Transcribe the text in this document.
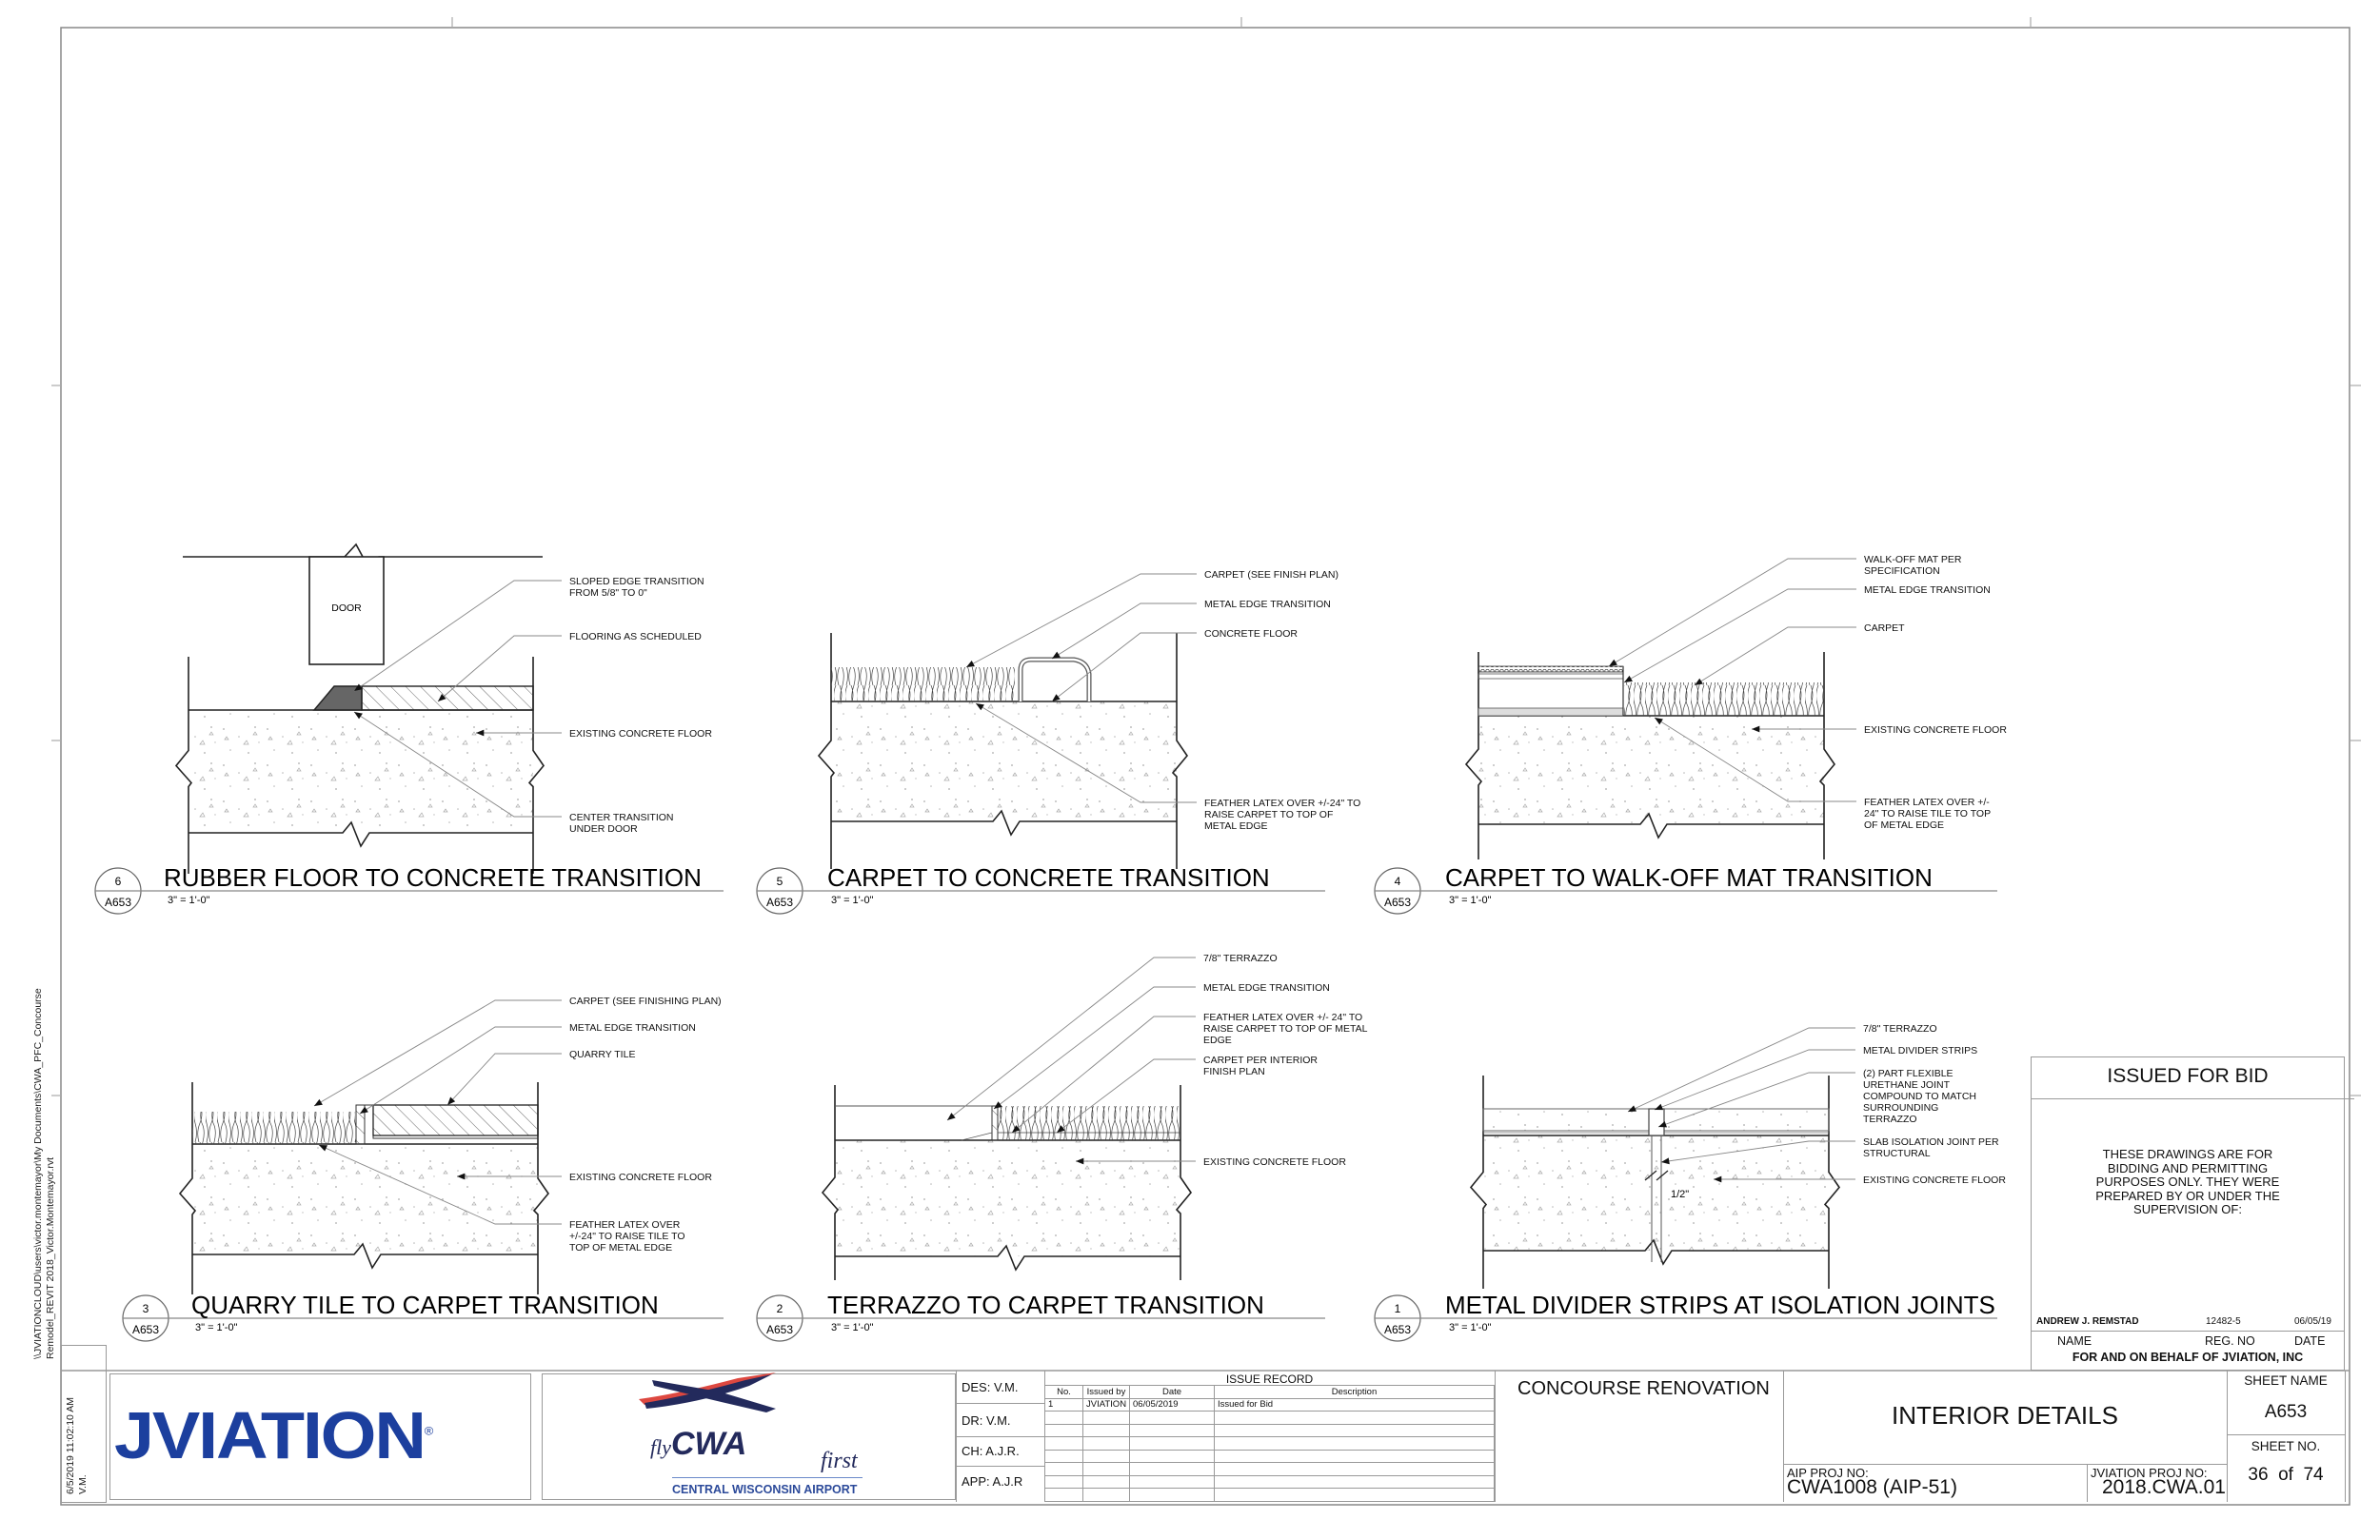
DOOR
SLOPED EDGE TRANSITION
FROM 5/8" TO 0"
FLOORING AS SCHEDULED
EXISTING CONCRETE FLOOR
CENTER TRANSITION
UNDER DOOR
6
A653
RUBBER FLOOR TO CONCRETE TRANSITION
3" = 1'-0"
CARPET (SEE FINISH PLAN)
METAL EDGE TRANSITION
CONCRETE FLOOR
FEATHER LATEX OVER +/-24" TO
RAISE CARPET TO TOP OF
METAL EDGE
5
A653
CARPET TO CONCRETE TRANSITION
3" = 1'-0"
WALK-OFF MAT PER
SPECIFICATION
METAL EDGE TRANSITION
CARPET
EXISTING CONCRETE FLOOR
FEATHER LATEX OVER +/-
24" TO RAISE TILE TO TOP
OF METAL EDGE
4
A653
CARPET TO WALK-OFF MAT TRANSITION
3" = 1'-0"
CARPET (SEE FINISHING PLAN)
METAL EDGE TRANSITION
QUARRY TILE
EXISTING CONCRETE FLOOR
FEATHER LATEX OVER
+/-24" TO RAISE TILE TO
TOP OF METAL EDGE
3
A653
QUARRY TILE TO CARPET TRANSITION
3" = 1'-0"
7/8" TERRAZZO
METAL EDGE TRANSITION
FEATHER LATEX OVER +/- 24" TO
RAISE CARPET TO TOP OF METAL
EDGE
CARPET PER INTERIOR
FINISH PLAN
EXISTING CONCRETE FLOOR
2
A653
TERRAZZO TO CARPET TRANSITION
3" = 1'-0"
1/2"
7/8" TERRAZZO
METAL DIVIDER STRIPS
(2) PART FLEXIBLE
URETHANE JOINT
COMPOUND TO MATCH
SURROUNDING
TERRAZZO
SLAB ISOLATION JOINT PER
STRUCTURAL
EXISTING CONCRETE FLOOR
1
A653
METAL DIVIDER STRIPS AT ISOLATION JOINTS
3" = 1'-0"
\\JVIATIONCLOUD\users\victor.montemayor\My Documents\CWA_PFC_Concourse Remodel_REVIT 2018_Victor.Montemayor.rvt
6/5/2019 11:02:10 AM V.M.
ISSUED FOR BID
THESE DRAWINGS ARE FOR
BIDDING AND PERMITTING
PURPOSES ONLY. THEY WERE
PREPARED BY OR UNDER THE
SUPERVISION OF:
ANDREW J. REMSTAD	12482-5	06/05/19
NAME	REG. NO	DATE
FOR AND ON BEHALF OF JVIATION, INC
JVIATION®
flyCWA	first
CENTRAL WISCONSIN AIRPORT
DES: V.M.
DR: V.M.
CH: A.J.R.
APP: A.J.R
ISSUE RECORD
No.	Issued by	Date	Description
1	JVIATION	06/05/2019	Issued for Bid

CONCOURSE RENOVATION
INTERIOR DETAILS
AIP PROJ NO:
CWA1008 (AIP-51)
JVIATION PROJ NO:
2018.CWA.01
SHEET NAME
A653
SHEET NO.
36  of  74
